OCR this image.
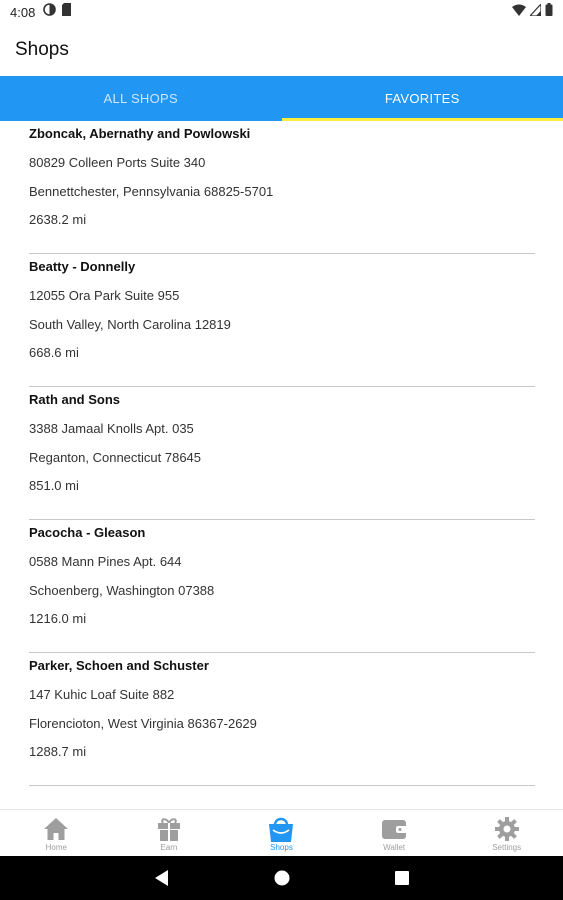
4:08
Shops
ALL SHOPS	FAVORITES
Zboncak, Abernathy and Powlowski
80829 Colleen Ports Suite 340
Bennettchester, Pennsylvania 68825-5701
2638.2 mi
Beatty - Donnelly
12055 Ora Park Suite 955
South Valley, North Carolina 12819
668.6 mi
Rath and Sons
3388 Jamaal Knolls Apt. 035
Reganton, Connecticut 78645
851.0 mi
Pacocha - Gleason
0588 Mann Pines Apt. 644
Schoenberg, Washington 07388
1216.0 mi
Parker, Schoen and Schuster
147 Kuhic Loaf Suite 882
Florencioton, West Virginia 86367-2629
1288.7 mi
Home	Earn	Shops	Wallet	Settings
